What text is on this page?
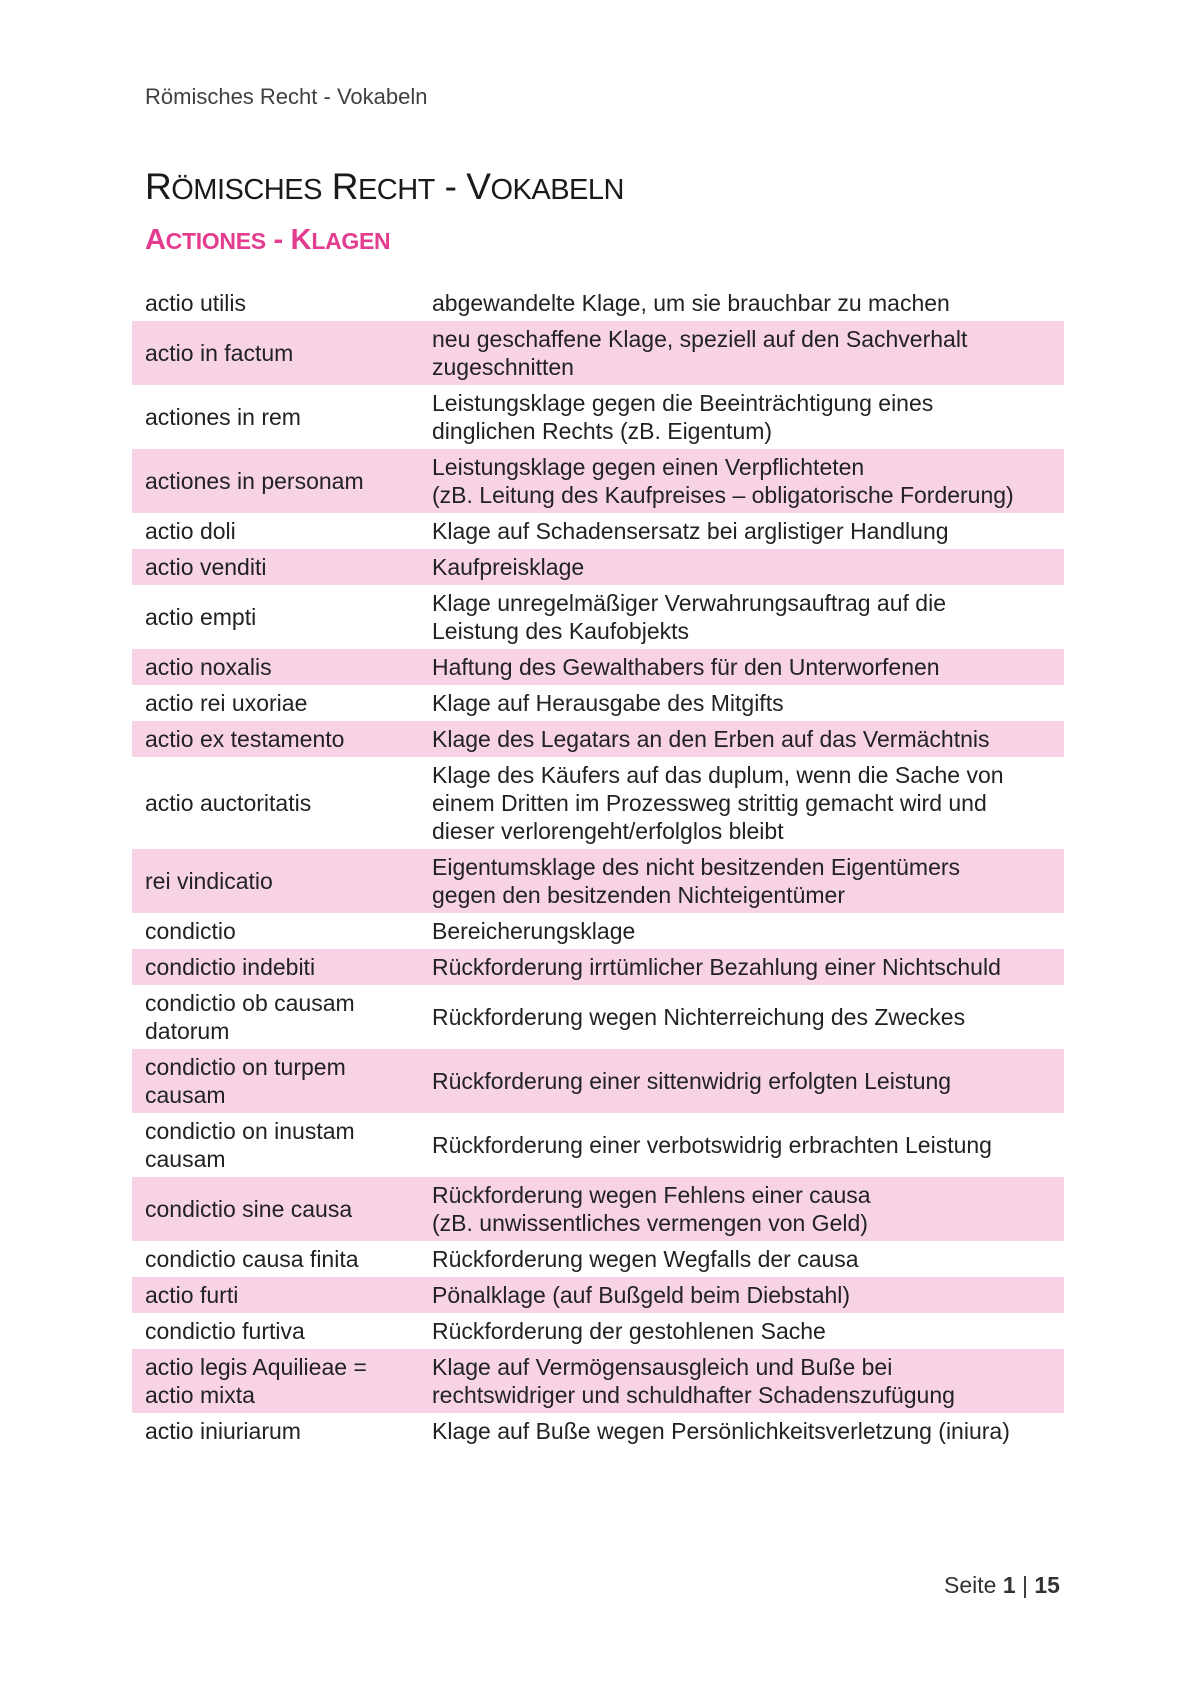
Römisches Recht - Vokabeln
RÖMISCHES RECHT - VOKABELN
ACTIONES - KLAGEN
actio utilis	abgewandelte Klage, um sie brauchbar zu machen

actio in factum	neu geschaffene Klage, speziell auf den Sachverhalt
zugeschnitten

actiones in rem	Leistungsklage gegen die Beeinträchtigung eines
dinglichen Rechts (zB. Eigentum)

actiones in personam	Leistungsklage gegen einen Verpflichteten
(zB. Leitung des Kaufpreises – obligatorische Forderung)

actio doli	Klage auf Schadensersatz bei arglistiger Handlung

actio venditi	Kaufpreisklage

actio empti	Klage unregelmäßiger Verwahrungsauftrag auf die
Leistung des Kaufobjekts

actio noxalis	Haftung des Gewalthabers für den Unterworfenen

actio rei uxoriae	Klage auf Herausgabe des Mitgifts

actio ex testamento	Klage des Legatars an den Erben auf das Vermächtnis

actio auctoritatis	Klage des Käufers auf das duplum, wenn die Sache von
einem Dritten im Prozessweg strittig gemacht wird und
dieser verlorengeht/erfolglos bleibt

rei vindicatio	Eigentumsklage des nicht besitzenden Eigentümers
gegen den besitzenden Nichteigentümer

condictio	Bereicherungsklage

condictio indebiti	Rückforderung irrtümlicher Bezahlung einer Nichtschuld

condictio ob causam datorum	Rückforderung wegen Nichterreichung des Zweckes

condictio on turpem causam	Rückforderung einer sittenwidrig erfolgten Leistung

condictio on inustam causam	Rückforderung einer verbotswidrig erbrachten Leistung

condictio sine causa	Rückforderung wegen Fehlens einer causa
(zB. unwissentliches vermengen von Geld)

condictio causa finita	Rückforderung wegen Wegfalls der causa

actio furti	Pönalklage (auf Bußgeld beim Diebstahl)

condictio furtiva	Rückforderung der gestohlenen Sache

actio legis Aquilieae = actio mixta	Klage auf Vermögensausgleich und Buße bei
rechtswidriger und schuldhafter Schadenszufügung

actio iniuriarum	Klage auf Buße wegen Persönlichkeitsverletzung (iniura)
Seite 1 | 15
